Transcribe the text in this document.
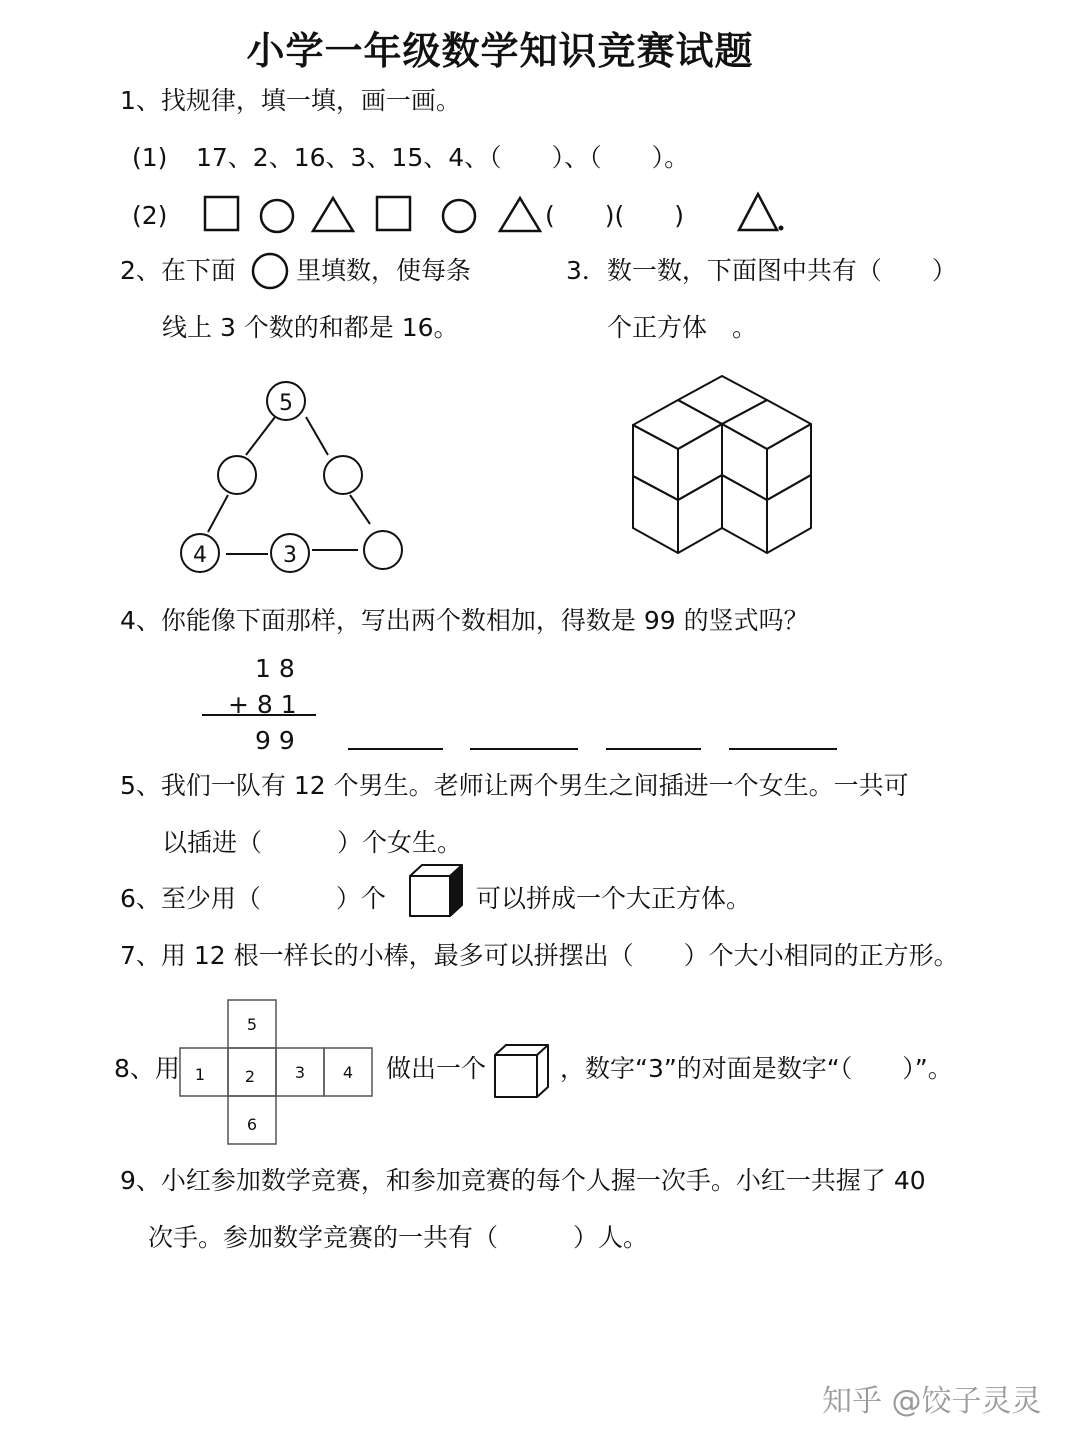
小学一年级数学知识竞赛试题
1、找规律，填一填，画一画。
(1) 17、2、16、3、15、4、（　　）、（　　）。
(2)	(　　)(　　)
2、在下面 里填数，使每条
线上 3 个数的和都是 16。
5
4	3
3．数一数，下面图中共有（　　）
个正方体　。
4、你能像下面那样，写出两个数相加，得数是 99 的竖式吗？
1 8
+ 8 1
9 9
5、我们一队有 12 个男生。老师让两个男生之间插进一个女生。一共可
以插进（　　　）个女生。
6、至少用（　　　）个	可以拼成一个大正方体。
7、用 12 根一样长的小棒，最多可以拼摆出（　　）个大小相同的正方形。
8、用
5
1 2 3 4
6
做出一个	，数字“3”的对面是数字“（　　）”。
9、小红参加数学竞赛，和参加竞赛的每个人握一次手。小红一共握了 40
次手。参加数学竞赛的一共有（　　　）人。
知乎 @饺子灵灵
